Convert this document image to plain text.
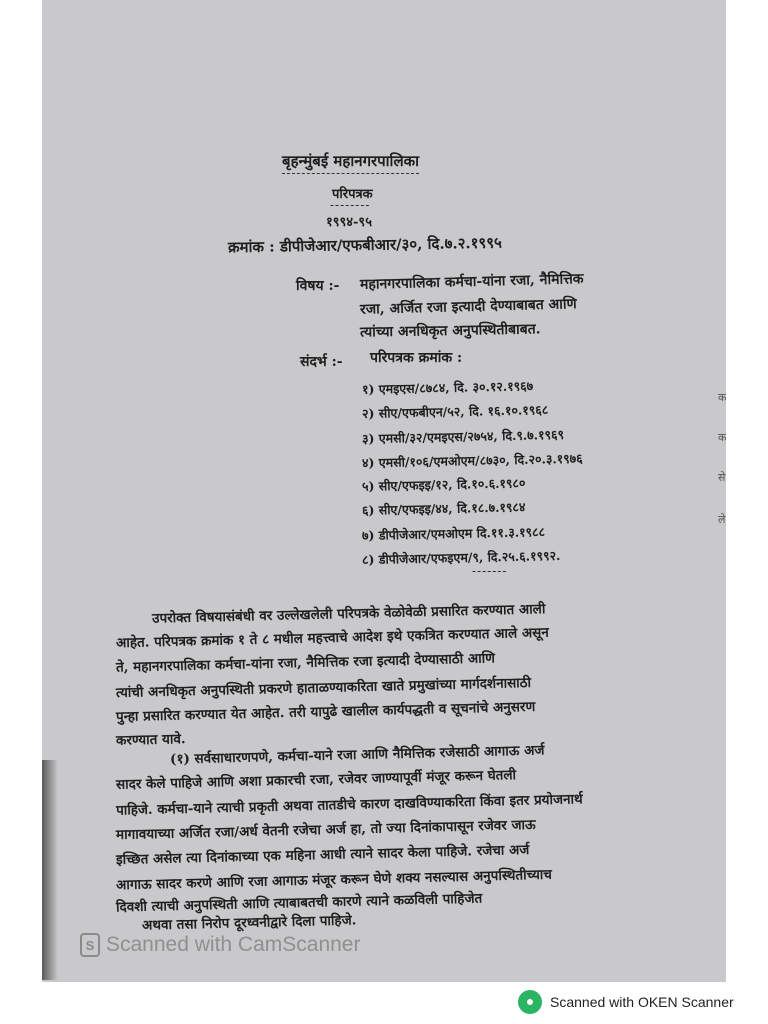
बृहन्मुंबई महानगरपालिका
परिपत्रक
--------
१९९४-९५
क्रमांक : डीपीजेआर/एफबीआर/३०, दि.७.२.१९९५
विषय :- महानगरपालिका कर्मचा-यांना रजा, नैमित्तिक
रजा, अर्जित रजा इत्यादी देण्याबाबत आणि
त्यांच्या अनधिकृत अनुपस्थितीबाबत.
संदर्भ :- परिपत्रक क्रमांक :
१) एमइएस/८७८४, दि. ३०.१२.१९६७
२) सीए/एफबीएन/५२, दि. १६.१०.१९६८
३) एमसी/३२/एमइएस/२७५४, दि.९.७.१९६९
४) एमसी/१०६/एमओएम/८७३०, दि.२०.३.१९७६
५) सीए/एफइइ/१२, दि.१०.६.१९८०
६) सीए/एफइइ/४४, दि.१८.७.१९८४
७) डीपीजेआर/एमओएम दि.११.३.१९८८
८) डीपीजेआर/एफइएम/९, दि.२५.६.१९९२.
-------
उपरोक्त विषयासंबंधी वर उल्लेखलेली परिपत्रके वेळोवेळी प्रसारित करण्यात आली
आहेत. परिपत्रक क्रमांक १ ते ८ मधील महत्त्वाचे आदेश इथे एकत्रित करण्यात आले असून
ते, महानगरपालिका कर्मचा-यांना रजा, नैमित्तिक रजा इत्यादी देण्यासाठी आणि
त्यांची अनधिकृत अनुपस्थिती प्रकरणे हाताळण्याकरिता खाते प्रमुखांच्या मार्गदर्शनासाठी
पुन्हा प्रसारित करण्यात येत आहेत. तरी यापुढे खालील कार्यपद्धती व सूचनांचे अनुसरण
करण्यात यावे.
(१) सर्वसाधारणपणे, कर्मचा-याने रजा आणि नैमित्तिक रजेसाठी आगाऊ अर्ज
सादर केले पाहिजे आणि अशा प्रकारची रजा, रजेवर जाण्यापूर्वी मंजूर करून घेतली
पाहिजे. कर्मचा-याने त्याची प्रकृती अथवा तातडीचे कारण दाखविण्याकरिता किंवा इतर प्रयोजनार्थ
मागावयाच्या अर्जित रजा/अर्ध वेतनी रजेचा अर्ज हा, तो ज्या दिनांकापासून रजेवर जाऊ
इच्छित असेल त्या दिनांकाच्या एक महिना आधी त्याने सादर केला पाहिजे. रजेचा अर्ज
आगाऊ सादर करणे आणि रजा आगाऊ मंजूर करून घेणे शक्य नसल्यास अनुपस्थितीच्याच
दिवशी त्याची अनुपस्थिती आणि त्याबाबतची कारणे त्याने कळविली पाहिजेत
अथवा तसा निरोप दूरध्वनीद्वारे दिला पाहिजे.
क
से
क
ले
S Scanned with CamScanner
Scanned with OKEN Scanner
